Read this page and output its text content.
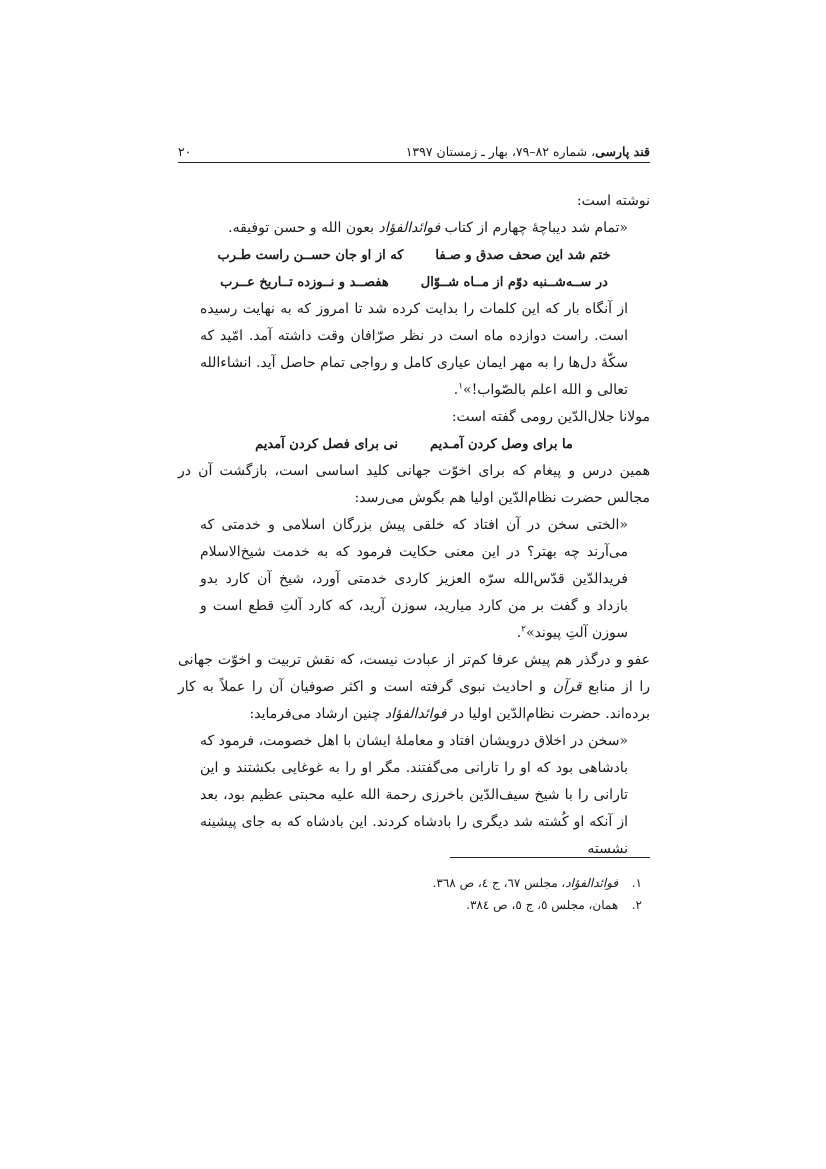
قند پارسی، شماره ۸۲–۷۹، بهار ـ زمستان ۱۳۹۷
۲۰

نوشته است:

«تمام شد دیباچهٔ چهارم از کتاب فوائدالفؤاد بعون الله و حسن توفیقه.

ختم شد این صحف صدق و صـفا
که از او جان حســن راست طـرب
در ســه‌شــنبه دوّم از مــاه شــوّال
هفصــد و نــوزده تــاریخ عــرب

از آنگاه بار که این کلمات را بدایت کرده شد تا امروز که به نهایت رسیده است. راست دوازده ماه است در نظر صرّافان وقت داشته آمد. امّید که سکّهٔ دل‌ها را به مهر ایمان عیاری کامل و رواجی تمام حاصل آید. انشاءالله تعالی و الله اعلم بالصّواب!»$^۱$.

مولانا جلال‌الدّین رومی گفته است:

ما برای وصل کردن آمـدیم
نی برای فصل کردن آمدیم

همین درس و پیغام که برای اخوّت جهانی کلید اساسی است، بازگشت آن در مجالس حضرت نظام‌الدّین اولیا هم بگوش می‌رسد:

«الختی سخن در آن افتاد که خلقی پیش بزرگان اسلامی و خدمتی که می‌آرند چه بهتر؟ در این معنی حکایت فرمود که به خدمت شیخ‌الاسلام فریدالدّین قدّس‌الله سرّه العزیز کاردی خدمتی آورد، شیخ آن کارد بدو بازداد و گفت بر من کارد میارید، سوزن آرید، که کارد آلتِ قطع است و سوزن آلتِ پیوند»$^۲$.

عفو و درگذر هم پیش عرفا کم‌تر از عبادت نیست، که نقش تربیت و اخوّت جهانی را از منابع قرآن و احادیث نبوی گرفته است و اکثر صوفیان آن را عملاً به کار برده‌اند. حضرت نظام‌الدّین اولیا در فوائدالفؤاد چنین ارشاد می‌فرماید:

«سخن در اخلاق درویشان افتاد و معاملهٔ ایشان با اهل خصومت، فرمود که بادشاهی بود که او را تارانی می‌گفتند. مگر او را به غوغایی بکشتند و این تارانی را با شیخ سیف‌الدّین باخرزی رحمة الله علیه محبتی عظیم بود، بعد از آنکه او کُشته شد دیگری را بادشاه کردند. این بادشاه که به جای پیشینه نشسته

۱. فوائدالفؤاد، مجلس ٦٧، ج ٤، ص ٣٦٨.
۲. همان، مجلس ٥، ج ٥، ص ٣٨٤.
